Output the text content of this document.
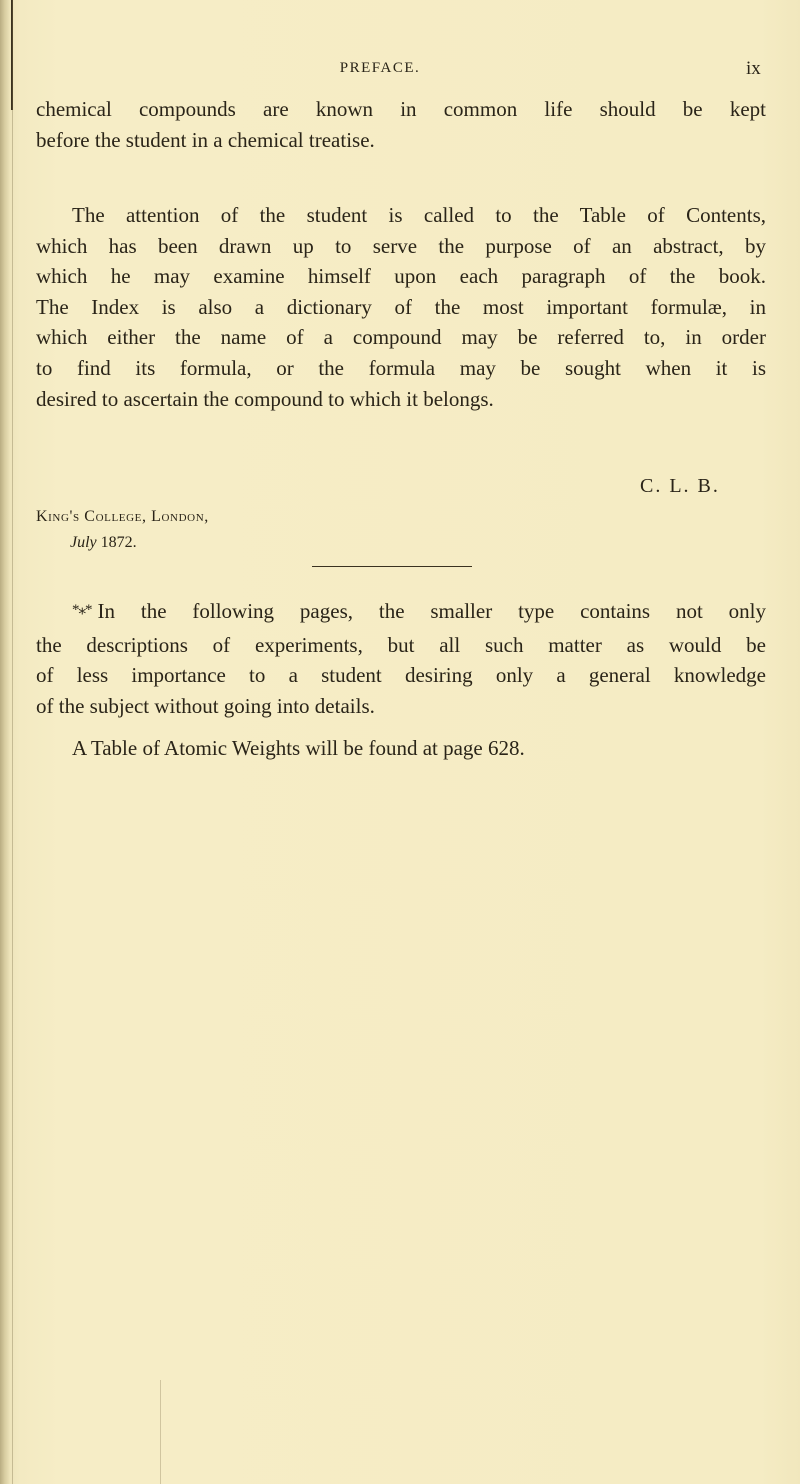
PREFACE.	ix
chemical compounds are known in common life should be kept
before the student in a chemical treatise.
The attention of the student is called to the Table of Contents,
which has been drawn up to serve the purpose of an abstract, by
which he may examine himself upon each paragraph of the book.
The Index is also a dictionary of the most important formulæ, in
which either the name of a compound may be referred to, in order
to find its formula, or the formula may be sought when it is
desired to ascertain the compound to which it belongs.
C. L. B.
King's College, London,
July 1872.
*⁎* In the following pages, the smaller type contains not only
the descriptions of experiments, but all such matter as would be
of less importance to a student desiring only a general knowledge
of the subject without going into details.
A Table of Atomic Weights will be found at page 628.
